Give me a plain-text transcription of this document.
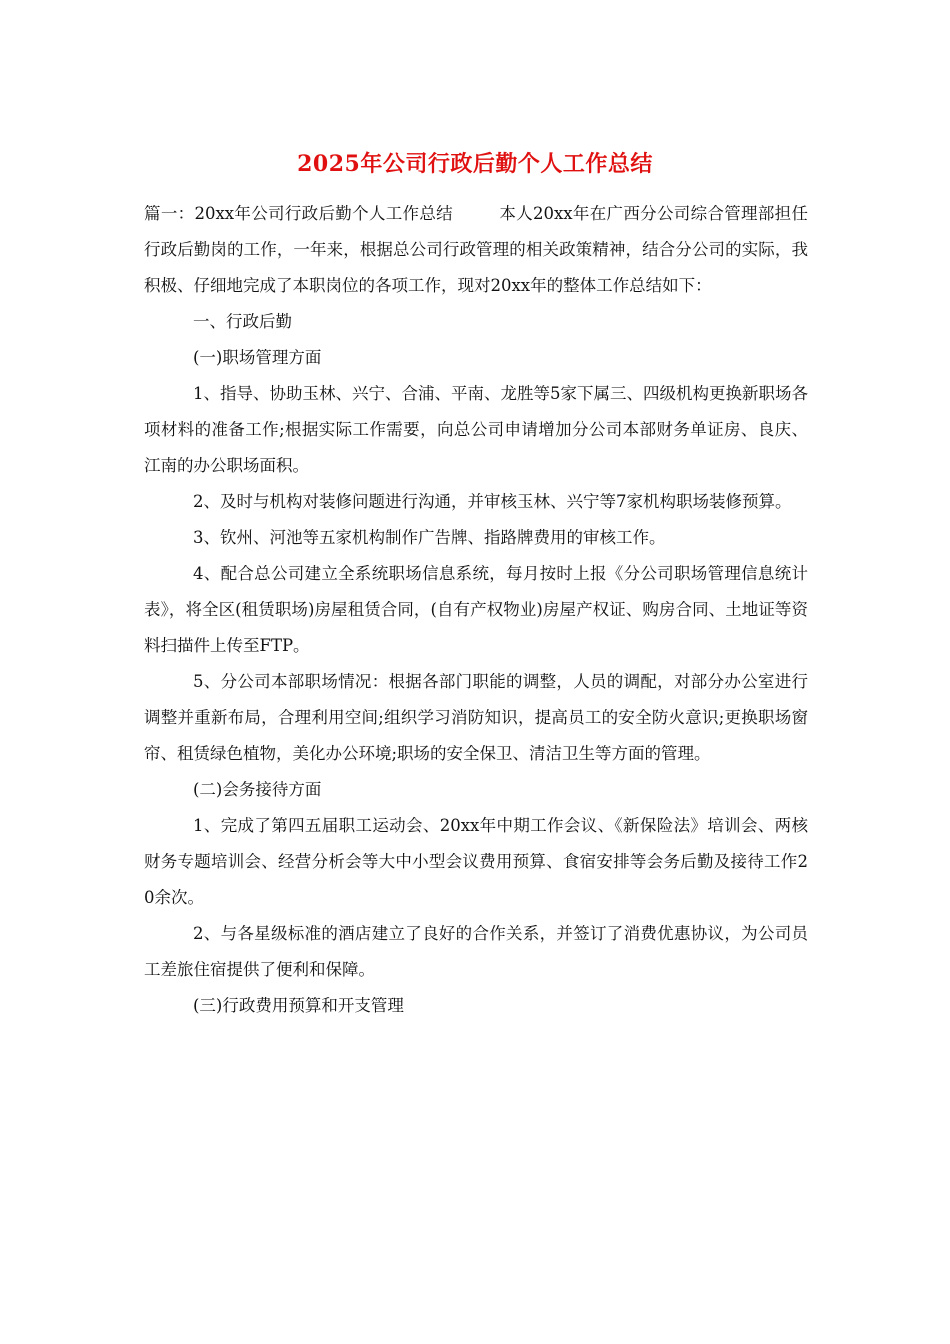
2025年公司行政后勤个人工作总结

篇一：20xx年公司行政后勤个人工作总结	本人20xx年在广西分公司综合管理部担任行政后勤岗的工作，一年来，根据总公司行政管理的相关政策精神，结合分公司的实际，我积极、仔细地完成了本职岗位的各项工作，现对20xx年的整体工作总结如下：

一、行政后勤

(一)职场管理方面

1、指导、协助玉林、兴宁、合浦、平南、龙胜等5家下属三、四级机构更换新职场各项材料的准备工作;根据实际工作需要，向总公司申请增加分公司本部财务单证房、良庆、江南的办公职场面积。

2、及时与机构对装修问题进行沟通，并审核玉林、兴宁等7家机构职场装修预算。

3、钦州、河池等五家机构制作广告牌、指路牌费用的审核工作。

4、配合总公司建立全系统职场信息系统，每月按时上报《分公司职场管理信息统计表》，将全区(租赁职场)房屋租赁合同，(自有产权物业)房屋产权证、购房合同、土地证等资料扫描件上传至FTP。

5、分公司本部职场情况：根据各部门职能的调整，人员的调配，对部分办公室进行调整并重新布局，合理利用空间;组织学习消防知识，提高员工的安全防火意识;更换职场窗帘、租赁绿色植物，美化办公环境;职场的安全保卫、清洁卫生等方面的管理。

(二)会务接待方面

1、完成了第四五届职工运动会、20xx年中期工作会议、《新保险法》培训会、两核财务专题培训会、经营分析会等大中小型会议费用预算、食宿安排等会务后勤及接待工作20余次。

2、与各星级标准的酒店建立了良好的合作关系，并签订了消费优惠协议，为公司员工差旅住宿提供了便利和保障。

(三)行政费用预算和开支管理
